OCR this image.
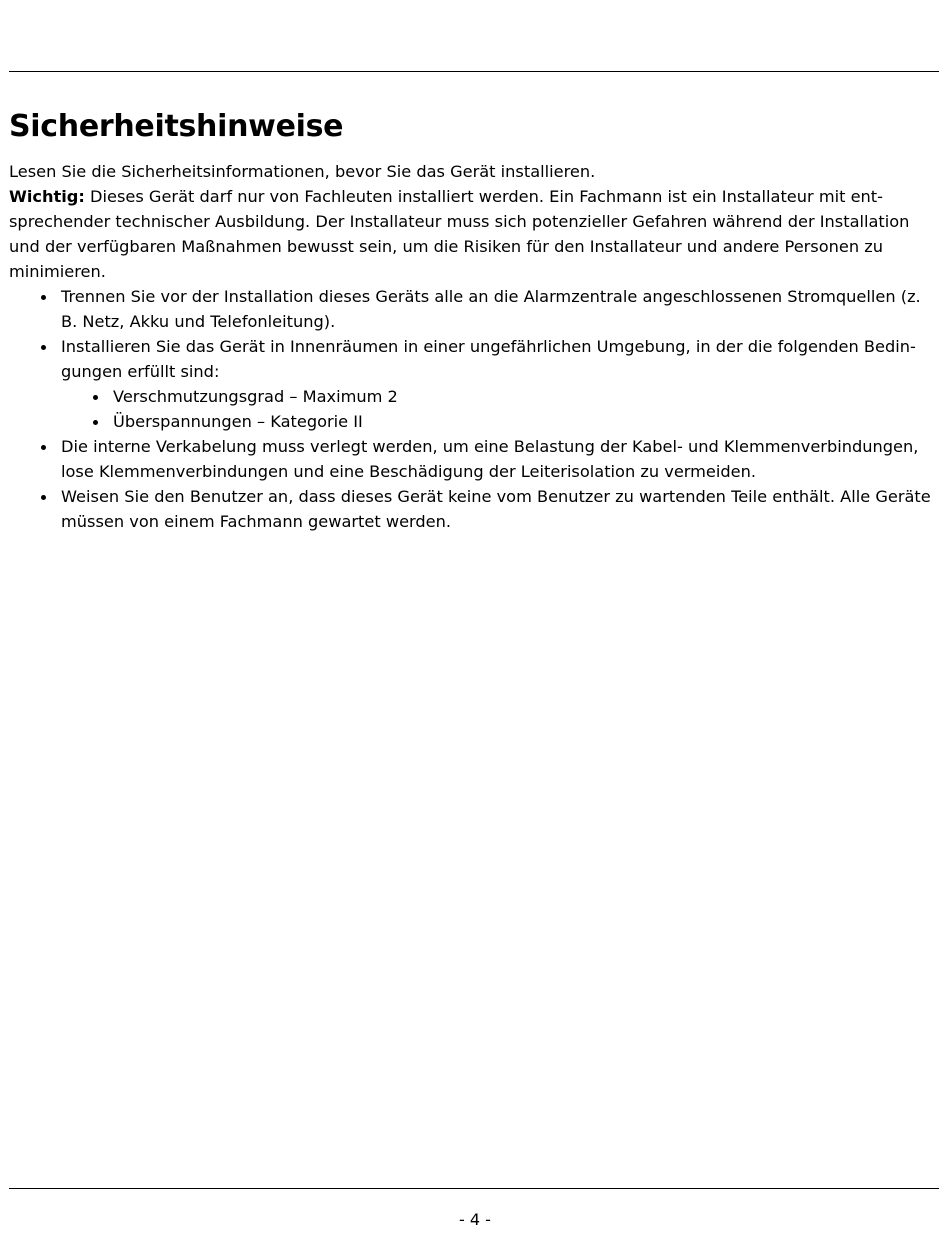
Sicherheitshinweise

Lesen Sie die Sicherheitsinformationen, bevor Sie das Gerät installieren.

Wichtig: Dieses Gerät darf nur von Fachleuten installiert werden. Ein Fachmann ist ein Installateur mit entsprechender technischer Ausbildung. Der Installateur muss sich potenzieller Gefahren während der Installation und der verfügbaren Maßnahmen bewusst sein, um die Risiken für den Installateur und andere Personen zu minimieren.

Trennen Sie vor der Installation dieses Geräts alle an die Alarmzentrale angeschlossenen Stromquellen (z. B. Netz, Akku und Telefonleitung).
Installieren Sie das Gerät in Innenräumen in einer ungefährlichen Umgebung, in der die folgenden Bedingungen erfüllt sind:
Verschmutzungsgrad – Maximum 2
Überspannungen – Kategorie II
Die interne Verkabelung muss verlegt werden, um eine Belastung der Kabel- und Klemmenverbindungen, lose Klemmenverbindungen und eine Beschädigung der Leiterisolation zu vermeiden.
Weisen Sie den Benutzer an, dass dieses Gerät keine vom Benutzer zu wartenden Teile enthält. Alle Geräte müssen von einem Fachmann gewartet werden.
- 4 -
